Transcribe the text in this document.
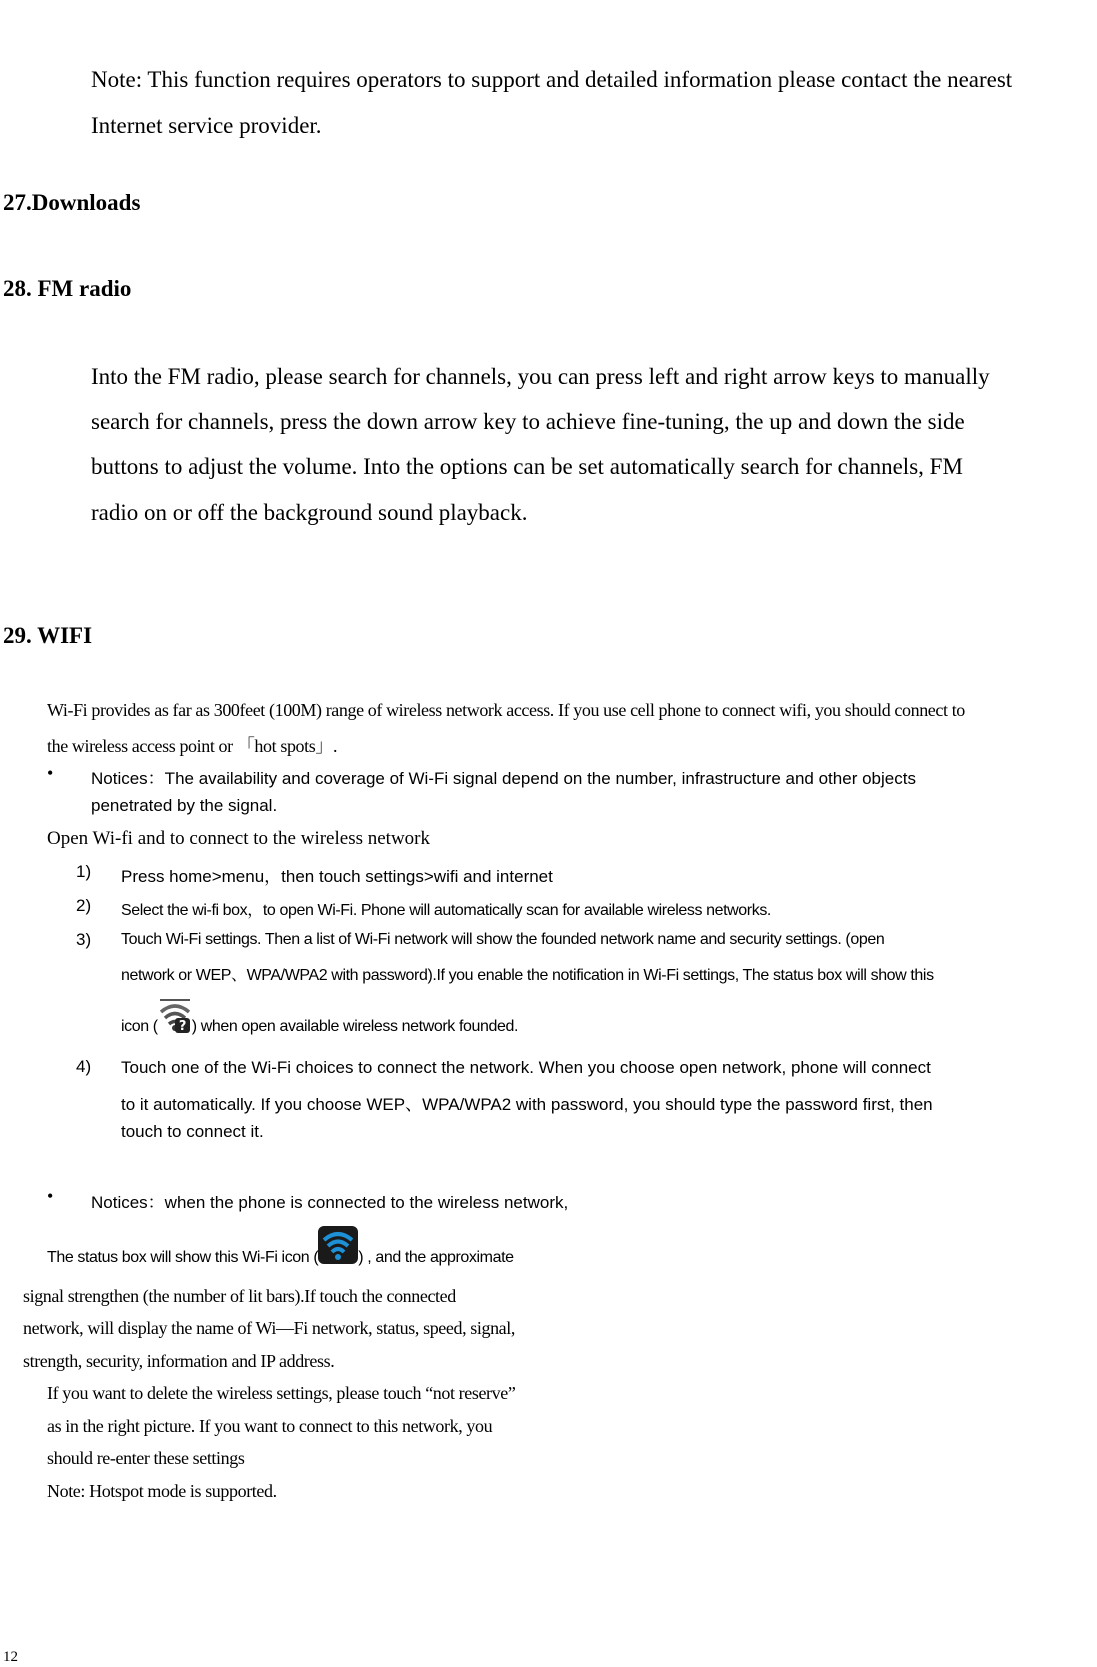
Note: This function requires operators to support and detailed information please contact the nearest
Internet service provider.
27.Downloads
28. FM radio
Into the FM radio, please search for channels, you can press left and right arrow keys to manually
search for channels, press the down arrow key to achieve fine-tuning, the up and down the side
buttons to adjust the volume. Into the options can be set automatically search for channels, FM
radio on or off the background sound playback.
29. WIFI
Wi-Fi provides as far as 300feet (100M) range of wireless network access. If you use cell phone to connect wifi, you should connect to
the wireless access point or 「hot spots」.
• Notices：The availability and coverage of Wi-Fi signal depend on the number, infrastructure and other objects
penetrated by the signal.
Open Wi-fi and to connect to the wireless network
1) Press home>menu，then touch settings>wifi and internet
2) Select the wi-fi box，to open Wi-Fi. Phone will automatically scan for available wireless networks.
3) Touch Wi-Fi settings. Then a list of Wi-Fi network will show the founded network name and security settings. (open
network or WEP、WPA/WPA2 with password).If you enable the notification in Wi-Fi settings, The status box will show this
icon ( ? ) when open available wireless network founded.
4) Touch one of the Wi-Fi choices to connect the network. When you choose open network, phone will connect
to it automatically. If you choose WEP、WPA/WPA2 with password, you should type the password first, then
touch to connect it.
• Notices：when the phone is connected to the wireless network,
The status box will show this Wi-Fi icon (	) , and the approximate
signal strengthen (the number of lit bars).If touch the connected
network, will display the name of Wi—Fi network, status, speed, signal,
strength, security, information and IP address.
If you want to delete the wireless settings, please touch “not reserve”
as in the right picture. If you want to connect to this network, you
should re-enter these settings
Note: Hotspot mode is supported.
12
